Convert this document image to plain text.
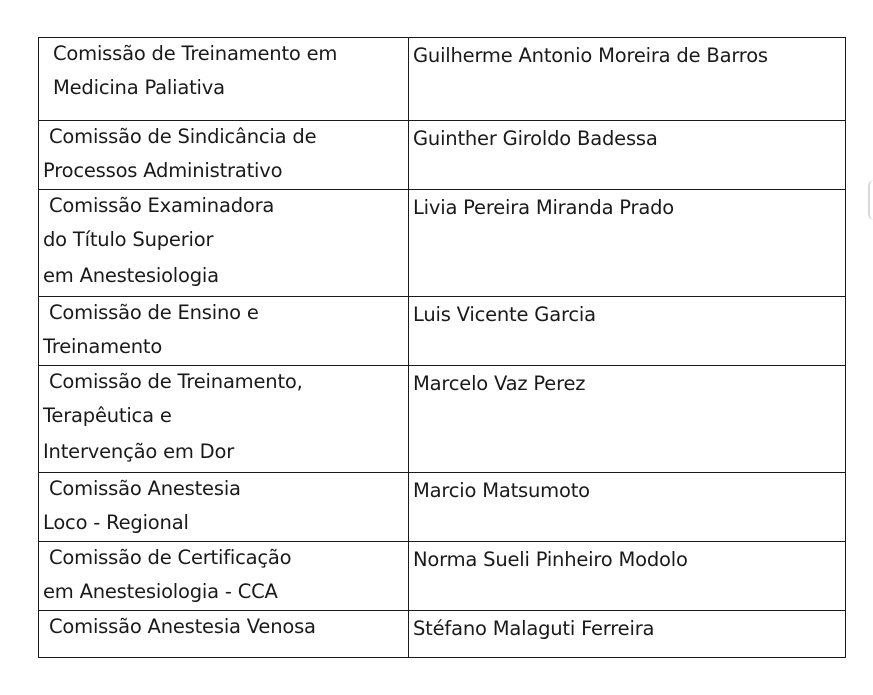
Comissão de Treinamento em
Medicina Paliativa	Guilherme Antonio Moreira de Barros

Comissão de Sindicância de
Processos Administrativo	Guinther Giroldo Badessa

Comissão Examinadora
do Título Superior
em Anestesiologia	Livia Pereira Miranda Prado

Comissão de Ensino e
Treinamento	Luis Vicente Garcia

Comissão de Treinamento,
Terapêutica e
Intervenção em Dor	Marcelo Vaz Perez

Comissão Anestesia
Loco - Regional	Marcio Matsumoto

Comissão de Certificação
em Anestesiologia - CCA	Norma Sueli Pinheiro Modolo

Comissão Anestesia Venosa	Stéfano Malaguti Ferreira
